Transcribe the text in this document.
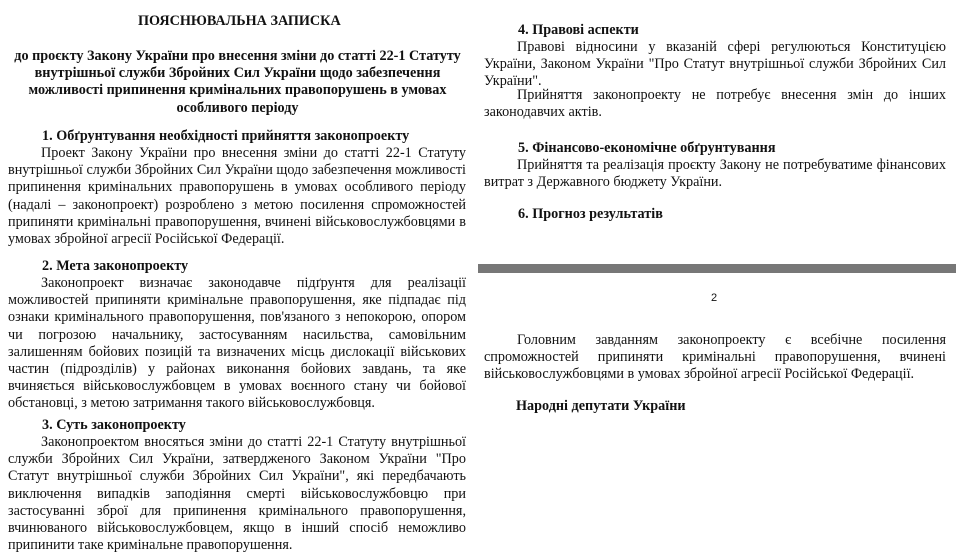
ПОЯСНЮВАЛЬНА ЗАПИСКА
до проєкту Закону України про внесення зміни до статті 22-1 Статуту внутрішньої служби Збройних Сил України щодо забезпечення можливості припинення кримінальних правопорушень в умовах особливого періоду
1. Обґрунтування необхідності прийняття законопроекту
Проект Закону України про внесення зміни до статті 22-1 Статуту внутрішньої служби Збройних Сил України щодо забезпечення можливості припинення кримінальних правопорушень в умовах особливого періоду (надалі – законопроект) розроблено з метою посилення спроможностей припиняти кримінальні правопорушення, вчинені військовослужбовцями в умовах збройної агресії Російської Федерації.
2. Мета законопроекту
Законопроект визначає законодавче підґрунтя для реалізації можливостей припиняти кримінальне правопорушення, яке підпадає під ознаки кримінального правопорушення, пов'язаного з непокорою, опором чи погрозою начальнику, застосуванням насильства, самовільним залишенням бойових позицій та визначених місць дислокації військових частин (підрозділів) у районах виконання бойових завдань, та яке вчиняється військовослужбовцем в умовах воєнного стану чи бойової обстановці, з метою затримання такого військовослужбовця.
3. Суть законопроекту
Законопроектом вносяться зміни до статті 22-1 Статуту внутрішньої служби Збройних Сил України, затвердженого Законом України "Про Статут внутрішньої служби Збройних Сил України", які передбачають виключення випадків заподіяння смерті військовослужбовцю при застосуванні зброї для припинення кримінального правопорушення, вчинюваного військовослужбовцем, якщо в інший спосіб неможливо припинити таке кримінальне правопорушення.
4. Правові аспекти
Правові відносини у вказаній сфері регулюються Конституцією України, Законом України "Про Статут внутрішньої служби Збройних Сил України".
Прийняття законопроекту не потребує внесення змін до інших законодавчих актів.
5. Фінансово-економічне обґрунтування
Прийняття та реалізація проєкту Закону не потребуватиме фінансових витрат з Державного бюджету України.
6. Прогноз результатів
2
Головним завданням законопроекту є всебічне посилення спроможностей припиняти кримінальні правопорушення, вчинені військовослужбовцями в умовах збройної агресії Російської Федерації.
Народні депутати України
